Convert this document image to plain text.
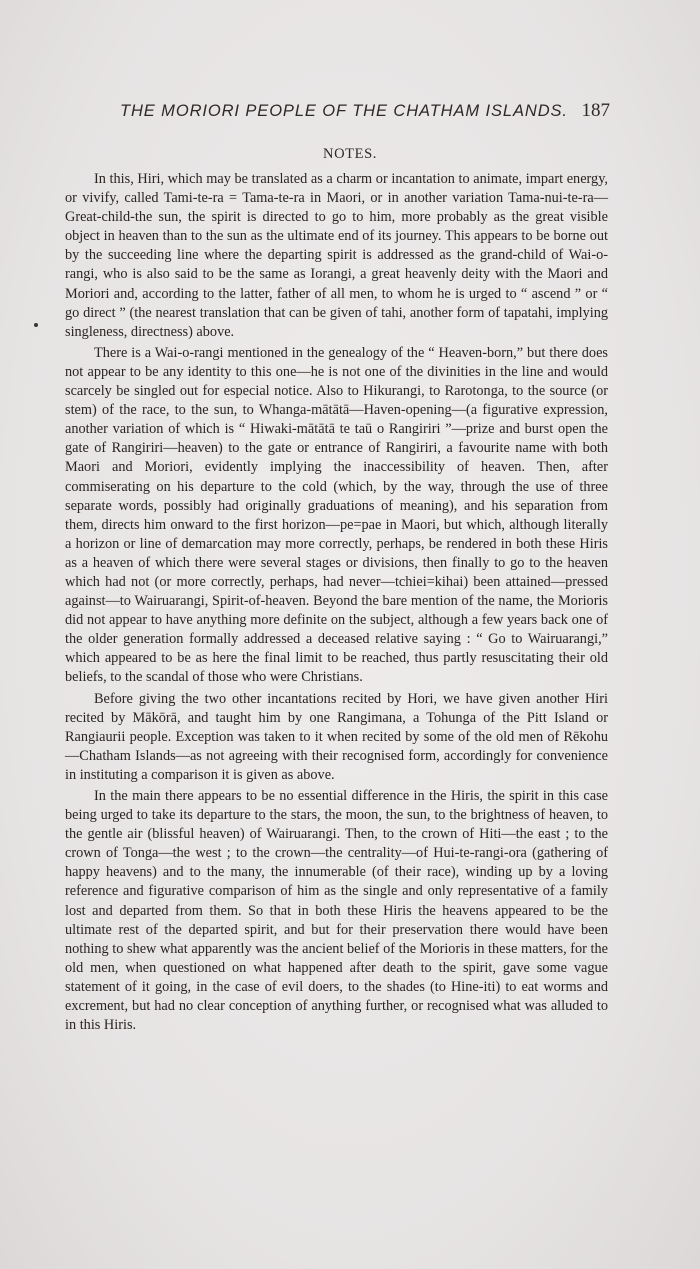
THE MORIORI PEOPLE OF THE CHATHAM ISLANDS. 187
NOTES.

In this, Hiri, which may be translated as a charm or incantation to animate, impart energy, or vivify, called Tami-te-ra = Tama-te-ra in Maori, or in another variation Tama-nui-te-ra—Great-child-the sun, the spirit is directed to go to him, more probably as the great visible object in heaven than to the sun as the ultimate end of its journey. This appears to be borne out by the succeeding line where the departing spirit is addressed as the grand-child of Wai-o-rangi, who is also said to be the same as Iorangi, a great heavenly deity with the Maori and Moriori and, according to the latter, father of all men, to whom he is urged to “ ascend ” or “ go direct ” (the nearest translation that can be given of tahi, another form of tapatahi, implying singleness, directness) above.

There is a Wai-o-rangi mentioned in the genealogy of the “ Heaven-born,” but there does not appear to be any identity to this one—he is not one of the divinities in the line and would scarcely be singled out for especial notice. Also to Hikurangi, to Rarotonga, to the source (or stem) of the race, to the sun, to Whanga-mātātā—Haven-opening—(a figurative expression, another variation of which is “ Hiwaki-mātātā te taū o Rangiriri ”—prize and burst open the gate of Rangiriri—heaven) to the gate or entrance of Rangiriri, a favourite name with both Maori and Moriori, evidently implying the inaccessibility of heaven. Then, after commiserating on his departure to the cold (which, by the way, through the use of three separate words, possibly had originally graduations of meaning), and his separation from them, directs him onward to the first horizon—pe=pae in Maori, but which, although literally a horizon or line of demarcation may more correctly, perhaps, be rendered in both these Hiris as a heaven of which there were several stages or divisions, then finally to go to the heaven which had not (or more correctly, perhaps, had never—tchiei=kihai) been attained—pressed against—to Wairuarangi, Spirit-of-heaven. Beyond the bare mention of the name, the Morioris did not appear to have anything more definite on the subject, although a few years back one of the older generation formally addressed a deceased relative saying : “ Go to Wairuarangi,” which appeared to be as here the final limit to be reached, thus partly resuscitating their old beliefs, to the scandal of those who were Christians.

Before giving the two other incantations recited by Hori, we have given another Hiri recited by Mākōrā, and taught him by one Rangimana, a Tohunga of the Pitt Island or Rangiaurii people. Exception was taken to it when recited by some of the old men of Rēkohu—Chatham Islands—as not agreeing with their recognised form, accordingly for convenience in instituting a comparison it is given as above.

In the main there appears to be no essential difference in the Hiris, the spirit in this case being urged to take its departure to the stars, the moon, the sun, to the brightness of heaven, to the gentle air (blissful heaven) of Wairuarangi. Then, to the crown of Hiti—the east ; to the crown of Tonga—the west ; to the crown—the centrality—of Hui-te-rangi-ora (gathering of happy heavens) and to the many, the innumerable (of their race), winding up by a loving reference and figurative comparison of him as the single and only representative of a family lost and departed from them. So that in both these Hiris the heavens appeared to be the ultimate rest of the departed spirit, and but for their preservation there would have been nothing to shew what apparently was the ancient belief of the Morioris in these matters, for the old men, when questioned on what happened after death to the spirit, gave some vague statement of it going, in the case of evil doers, to the shades (to Hine-iti) to eat worms and excrement, but had no clear conception of anything further, or recognised what was alluded to in this Hiris.
